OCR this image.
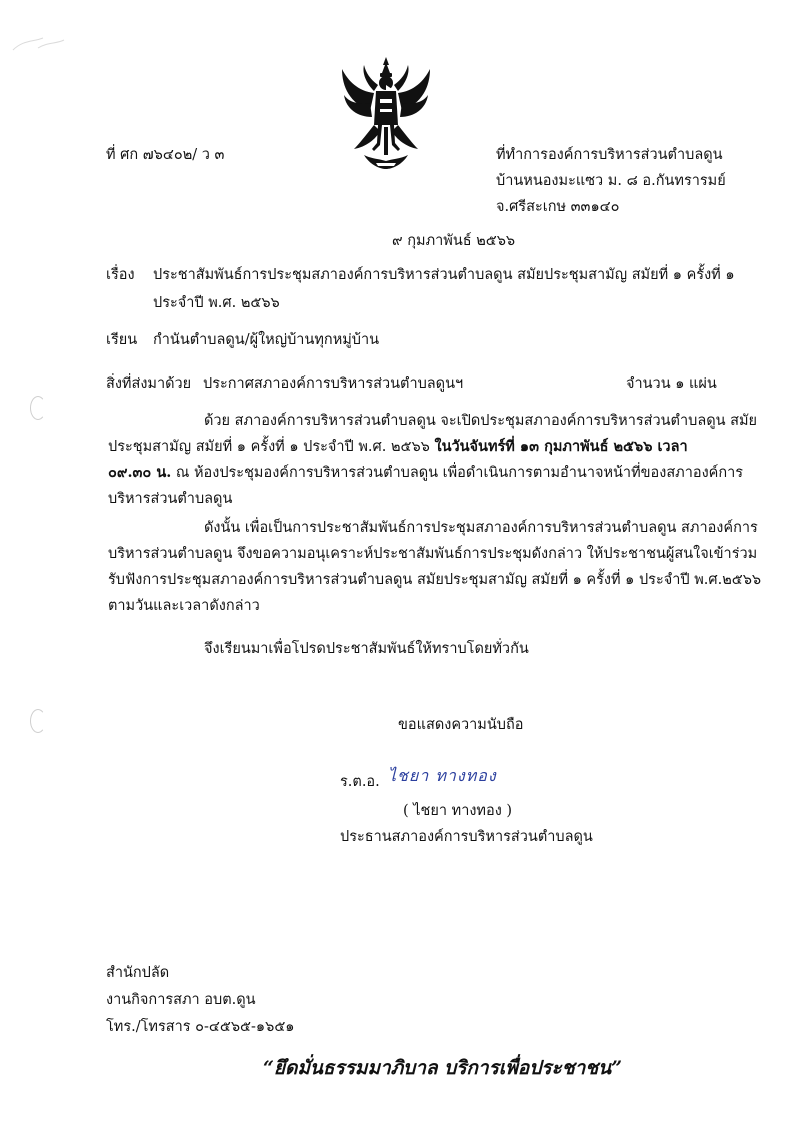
ที่ ศก ๗๖๔๐๒/ ว ๓	ที่ทำการองค์การบริหารส่วนตำบลดูน
บ้านหนองมะแซว ม. ๘ อ.กันทรารมย์
จ.ศรีสะเกษ ๓๓๑๔๐
๙ กุมภาพันธ์ ๒๕๖๖
เรื่อง ประชาสัมพันธ์การประชุมสภาองค์การบริหารส่วนตำบลดูน สมัยประชุมสามัญ สมัยที่ ๑ ครั้งที่ ๑
ประจำปี พ.ศ. ๒๕๖๖
เรียน กำนันตำบลดูน/ผู้ใหญ่บ้านทุกหมู่บ้าน
สิ่งที่ส่งมาด้วย ประกาศสภาองค์การบริหารส่วนตำบลดูนฯ	จำนวน ๑ แผ่น
ด้วย สภาองค์การบริหารส่วนตำบลดูน จะเปิดประชุมสภาองค์การบริหารส่วนตำบลดูน สมัย
ประชุมสามัญ สมัยที่ ๑ ครั้งที่ ๑ ประจำปี พ.ศ. ๒๕๖๖ ในวันจันทร์ที่ ๑๓ กุมภาพันธ์ ๒๕๖๖ เวลา
๐๙.๓๐ น. ณ ห้องประชุมองค์การบริหารส่วนตำบลดูน เพื่อดำเนินการตามอำนาจหน้าที่ของสภาองค์การ
บริหารส่วนตำบลดูน
ดังนั้น เพื่อเป็นการประชาสัมพันธ์การประชุมสภาองค์การบริหารส่วนตำบลดูน สภาองค์การ
บริหารส่วนตำบลดูน จึงขอความอนุเคราะห์ประชาสัมพันธ์การประชุมดังกล่าว ให้ประชาชนผู้สนใจเข้าร่วม
รับฟังการประชุมสภาองค์การบริหารส่วนตำบลดูน สมัยประชุมสามัญ สมัยที่ ๑ ครั้งที่ ๑ ประจำปี พ.ศ.๒๕๖๖
ตามวันและเวลาดังกล่าว
จึงเรียนมาเพื่อโปรดประชาสัมพันธ์ให้ทราบโดยทั่วกัน
ขอแสดงความนับถือ
ร.ต.อ. ไชยา ทางทอง
( ไชยา ทางทอง )
ประธานสภาองค์การบริหารส่วนตำบลดูน
สำนักปลัด
งานกิจการสภา อบต.ดูน
โทร./โทรสาร ๐-๔๕๖๕-๑๖๕๑
“ยึดมั่นธรรมมาภิบาล บริการเพื่อประชาชน”
